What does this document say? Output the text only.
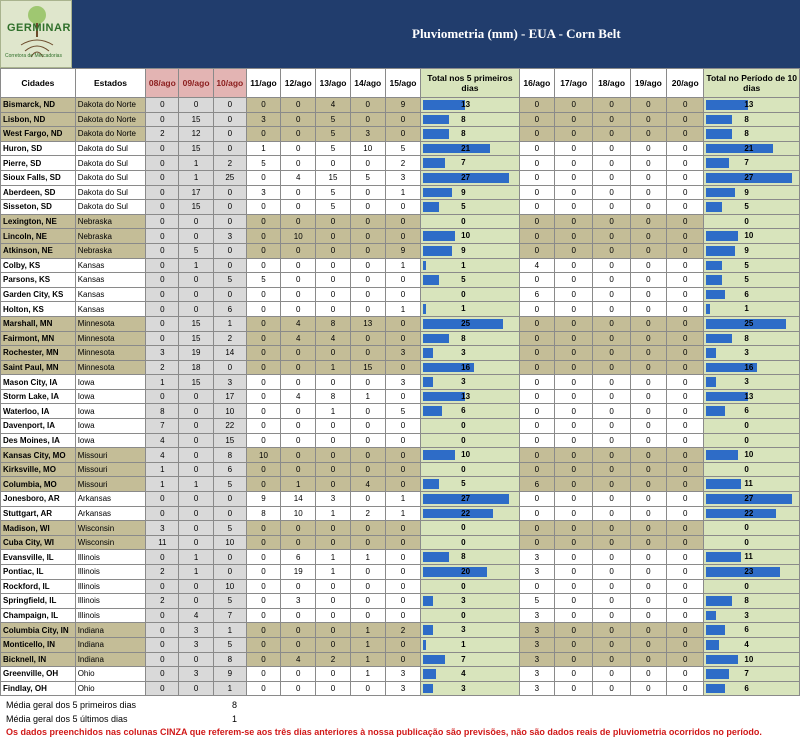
GERMINAR
Corretora de Mercadorias
Pluviometria (mm) - EUA - Corn Belt
Cidades	Estados	08/ago	09/ago	10/ago	11/ago	12/ago	13/ago	14/ago	15/ago	Total nos 5 primeiros dias	16/ago	17/ago	18/ago	19/ago	20/ago	Total no Período de 10 dias
Bismarck, ND	Dakota do Norte	0	0	0	0	0	4	0	9	13	0	0	0	0	0	13

Lisbon, ND	Dakota do Norte	0	15	0	3	0	5	0	0	8	0	0	0	0	0	8

West Fargo, ND	Dakota do Norte	2	12	0	0	0	5	3	0	8	0	0	0	0	0	8

Huron, SD	Dakota do Sul	0	15	0	1	0	5	10	5	21	0	0	0	0	0	21

Pierre, SD	Dakota do Sul	0	1	2	5	0	0	0	2	7	0	0	0	0	0	7

Sioux Falls, SD	Dakota do Sul	0	1	25	0	4	15	5	3	27	0	0	0	0	0	27

Aberdeen, SD	Dakota do Sul	0	17	0	3	0	5	0	1	9	0	0	0	0	0	9

Sisseton, SD	Dakota do Sul	0	15	0	0	0	5	0	0	5	0	0	0	0	0	5

Lexington, NE	Nebraska	0	0	0	0	0	0	0	0	0	0	0	0	0	0	0

Lincoln, NE	Nebraska	0	0	3	0	10	0	0	0	10	0	0	0	0	0	10

Atkinson, NE	Nebraska	0	5	0	0	0	0	0	9	9	0	0	0	0	0	9

Colby, KS	Kansas	0	1	0	0	0	0	0	1	1	4	0	0	0	0	5

Parsons, KS	Kansas	0	0	5	5	0	0	0	0	5	0	0	0	0	0	5

Garden City, KS	Kansas	0	0	0	0	0	0	0	0	0	6	0	0	0	0	6

Holton, KS	Kansas	0	0	6	0	0	0	0	1	1	0	0	0	0	0	1

Marshall, MN	Minnesota	0	15	1	0	4	8	13	0	25	0	0	0	0	0	25

Fairmont, MN	Minnesota	0	15	2	0	4	4	0	0	8	0	0	0	0	0	8

Rochester, MN	Minnesota	3	19	14	0	0	0	0	3	3	0	0	0	0	0	3

Saint Paul, MN	Minnesota	2	18	0	0	0	1	15	0	16	0	0	0	0	0	16

Mason City, IA	Iowa	1	15	3	0	0	0	0	3	3	0	0	0	0	0	3

Storm Lake, IA	Iowa	0	0	17	0	4	8	1	0	13	0	0	0	0	0	13

Waterloo, IA	Iowa	8	0	10	0	0	1	0	5	6	0	0	0	0	0	6

Davenport, IA	Iowa	7	0	22	0	0	0	0	0	0	0	0	0	0	0	0

Des Moines, IA	Iowa	4	0	15	0	0	0	0	0	0	0	0	0	0	0	0

Kansas City, MO	Missouri	4	0	8	10	0	0	0	0	10	0	0	0	0	0	10

Kirksville, MO	Missouri	1	0	6	0	0	0	0	0	0	0	0	0	0	0	0

Columbia, MO	Missouri	1	1	5	0	1	0	4	0	5	6	0	0	0	0	11

Jonesboro, AR	Arkansas	0	0	0	9	14	3	0	1	27	0	0	0	0	0	27

Stuttgart, AR	Arkansas	0	0	0	8	10	1	2	1	22	0	0	0	0	0	22

Madison, WI	Wisconsin	3	0	5	0	0	0	0	0	0	0	0	0	0	0	0

Cuba City, WI	Wisconsin	11	0	10	0	0	0	0	0	0	0	0	0	0	0	0

Evansville, IL	Illinois	0	1	0	0	6	1	1	0	8	3	0	0	0	0	11

Pontiac, IL	Illinois	2	1	0	0	19	1	0	0	20	3	0	0	0	0	23

Rockford, IL	Illinois	0	0	10	0	0	0	0	0	0	0	0	0	0	0	0

Springfield, IL	Illinois	2	0	5	0	3	0	0	0	3	5	0	0	0	0	8

Champaign, IL	Illinois	0	4	7	0	0	0	0	0	0	3	0	0	0	0	3

Columbia City, IN	Indiana	0	3	1	0	0	0	1	2	3	3	0	0	0	0	6

Monticello, IN	Indiana	0	3	5	0	0	0	1	0	1	3	0	0	0	0	4

Bicknell, IN	Indiana	0	0	8	0	4	2	1	0	7	3	0	0	0	0	10

Greenville, OH	Ohio	0	3	9	0	0	0	1	3	4	3	0	0	0	0	7

Findlay, OH	Ohio	0	0	1	0	0	0	0	3	3	3	0	0	0	0	6
Média geral dos 5 primeiros dias	8
Média geral dos 5 últimos dias	1
Os dados preenchidos nas colunas CINZA que referem-se aos três dias anteriores à nossa publicação são previsões, não são dados reais de pluviometria ocorridos no período.
